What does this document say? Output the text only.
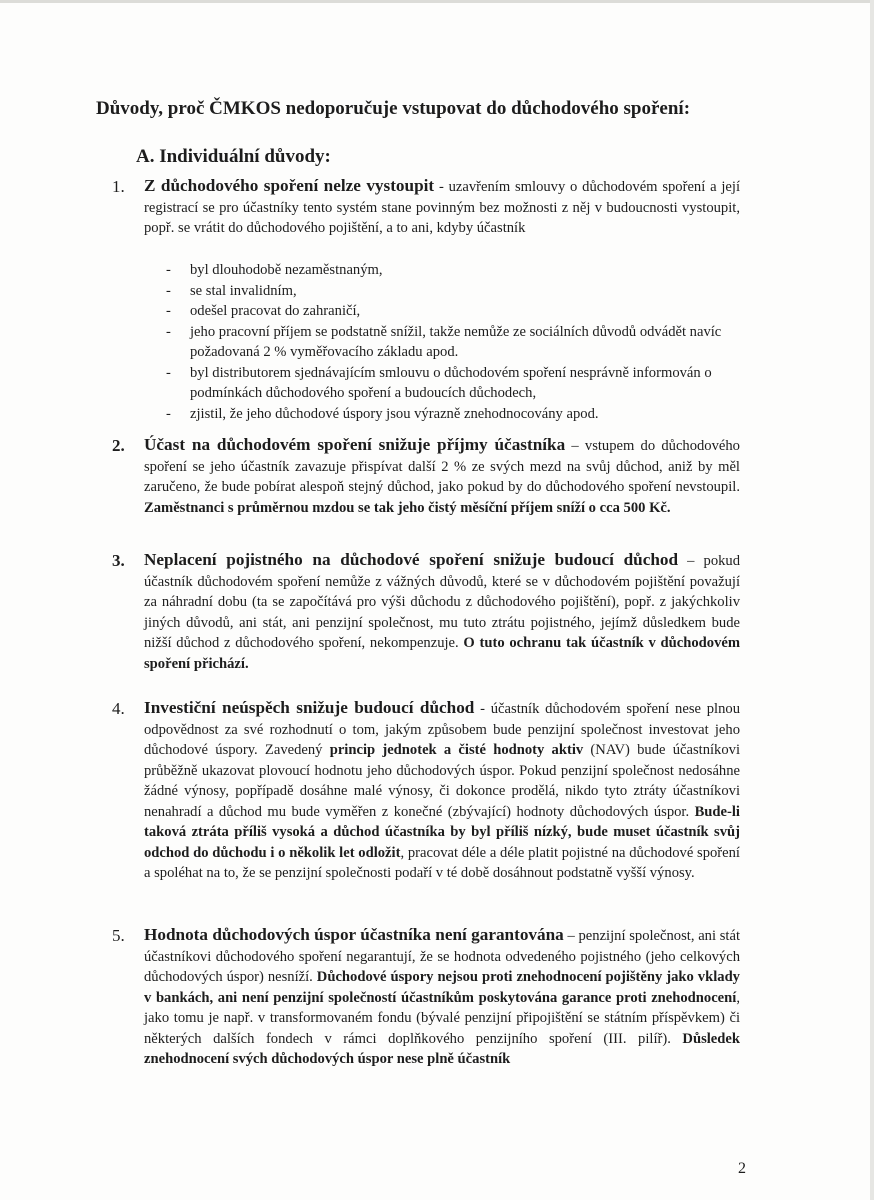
Důvody, proč ČMKOS nedoporučuje vstupovat do důchodového spoření:
A. Individuální důvody:
1. Z důchodového spoření nelze vystoupit - uzavřením smlouvy o důchodovém spoření a její registrací se pro účastníky tento systém stane povinným bez možnosti z něj v budoucnosti vystoupit, popř. se vrátit do důchodového pojištění, a to ani, kdyby účastník
- byl dlouhodobě nezaměstnaným,
- se stal invalidním,
- odešel pracovat do zahraničí,
- jeho pracovní příjem se podstatně snížil, takže nemůže ze sociálních důvodů odvádět navíc požadovaná 2 % vyměřovacího základu apod.
- byl distributorem sjednávajícím smlouvu o důchodovém spoření nesprávně informován o podmínkách důchodového spoření a budoucích důchodech,
- zjistil, že jeho důchodové úspory jsou výrazně znehodnocovány apod.
2. Účast na důchodovém spoření snižuje příjmy účastníka – vstupem do důchodového spoření se jeho účastník zavazuje přispívat další 2 % ze svých mezd na svůj důchod, aniž by měl zaručeno, že bude pobírat alespoň stejný důchod, jako pokud by do důchodového spoření nevstoupil. Zaměstnanci s průměrnou mzdou se tak jeho čistý měsíční příjem sníží o cca 500 Kč.
3. Neplacení pojistného na důchodové spoření snižuje budoucí důchod – pokud účastník důchodovém spoření nemůže z vážných důvodů, které se v důchodovém pojištění považují za náhradní dobu (ta se započítává pro výši důchodu z důchodového pojištění), popř. z jakýchkoliv jiných důvodů, ani stát, ani penzijní společnost, mu tuto ztrátu pojistného, jejímž důsledkem bude nižší důchod z důchodového spoření, nekompenzuje. O tuto ochranu tak účastník v důchodovém spoření přichází.
4. Investiční neúspěch snižuje budoucí důchod - účastník důchodovém spoření nese plnou odpovědnost za své rozhodnutí o tom, jakým způsobem bude penzijní společnost investovat jeho důchodové úspory. Zavedený princip jednotek a čisté hodnoty aktiv (NAV) bude účastníkovi průběžně ukazovat plovoucí hodnotu jeho důchodových úspor. Pokud penzijní společnost nedosáhne žádné výnosy, popřípadě dosáhne malé výnosy, či dokonce prodělá, nikdo tyto ztráty účastníkovi nenahradí a důchod mu bude vyměřen z konečné (zbývající) hodnoty důchodových úspor. Bude-li taková ztráta příliš vysoká a důchod účastníka by byl příliš nízký, bude muset účastník svůj odchod do důchodu i o několik let odložit, pracovat déle a déle platit pojistné na důchodové spoření a spoléhat na to, že se penzijní společnosti podaří v té době dosáhnout podstatně vyšší výnosy.
5. Hodnota důchodových úspor účastníka není garantována – penzijní společnost, ani stát účastníkovi důchodového spoření negarantují, že se hodnota odvedeného pojistného (jeho celkových důchodových úspor) nesníží. Důchodové úspory nejsou proti znehodnocení pojištěny jako vklady v bankách, ani není penzijní společností účastníkům poskytována garance proti znehodnocení, jako tomu je např. v transformovaném fondu (bývalé penzijní připojištění se státním příspěvkem) či některých dalších fondech v rámci doplňkového penzijního spoření (III. pilíř). Důsledek znehodnocení svých důchodových úspor nese plně účastník
2
